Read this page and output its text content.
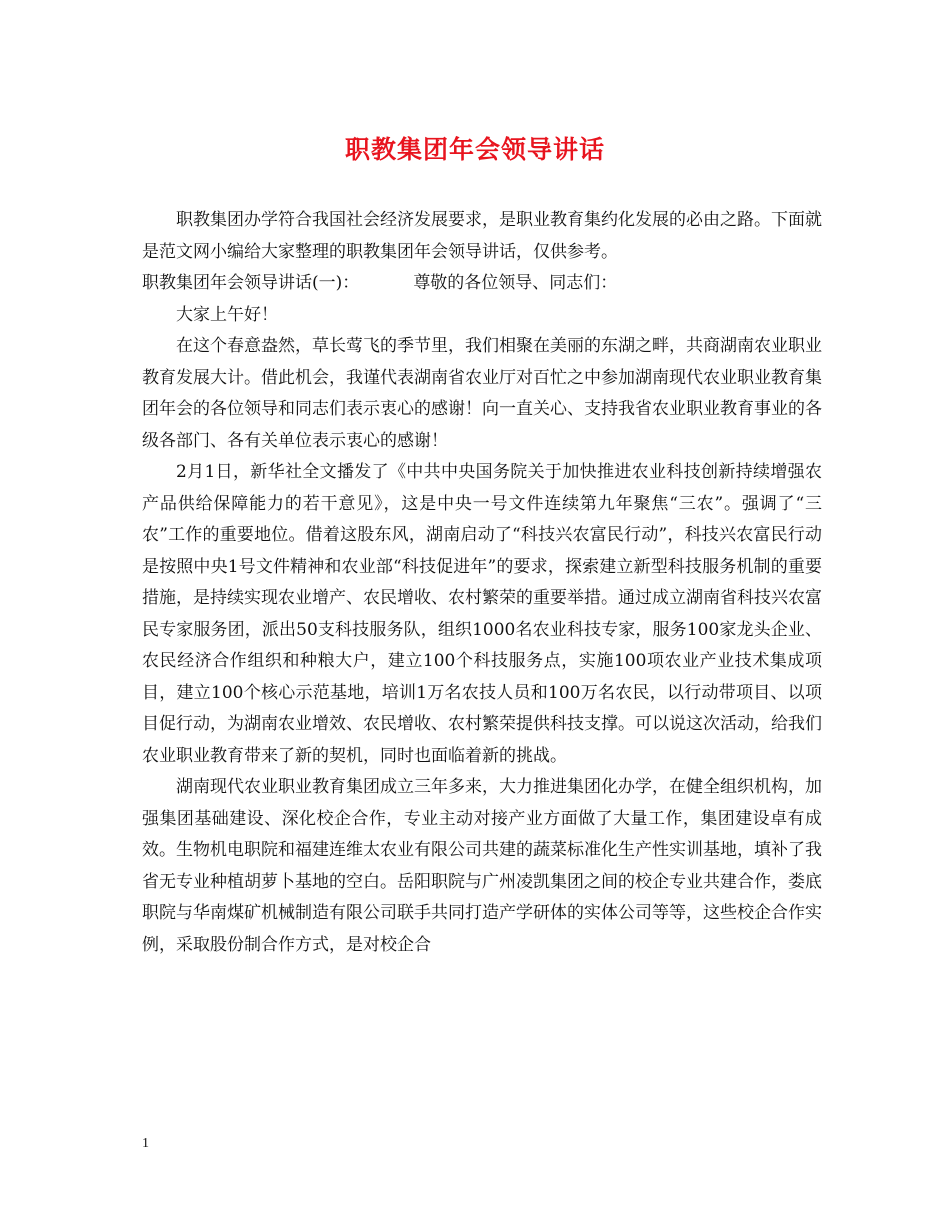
职教集团年会领导讲话

职教集团办学符合我国社会经济发展要求，是职业教育集约化发展的必由之路。下面就是范文网小编给大家整理的职教集团年会领导讲话，仅供参考。

职教集团年会领导讲话(一)：	尊敬的各位领导、同志们：

大家上午好！

在这个春意盎然，草长莺飞的季节里，我们相聚在美丽的东湖之畔，共商湖南农业职业教育发展大计。借此机会，我谨代表湖南省农业厅对百忙之中参加湖南现代农业职业教育集团年会的各位领导和同志们表示衷心的感谢！向一直关心、支持我省农业职业教育事业的各级各部门、各有关单位表示衷心的感谢！

2月1日，新华社全文播发了《中共中央国务院关于加快推进农业科技创新持续增强农产品供给保障能力的若干意见》，这是中央一号文件连续第九年聚焦“三农”。强调了“三农”工作的重要地位。借着这股东风，湖南启动了“科技兴农富民行动”，科技兴农富民行动是按照中央1号文件精神和农业部“科技促进年”的要求，探索建立新型科技服务机制的重要措施，是持续实现农业增产、农民增收、农村繁荣的重要举措。通过成立湖南省科技兴农富民专家服务团，派出50支科技服务队，组织1000名农业科技专家，服务100家龙头企业、农民经济合作组织和种粮大户，建立100个科技服务点，实施100项农业产业技术集成项目，建立100个核心示范基地，培训1万名农技人员和100万名农民，以行动带项目、以项目促行动，为湖南农业增效、农民增收、农村繁荣提供科技支撑。可以说这次活动，给我们农业职业教育带来了新的契机，同时也面临着新的挑战。

湖南现代农业职业教育集团成立三年多来，大力推进集团化办学，在健全组织机构，加强集团基础建设、深化校企合作，专业主动对接产业方面做了大量工作，集团建设卓有成效。生物机电职院和福建连维太农业有限公司共建的蔬菜标准化生产性实训基地，填补了我省无专业种植胡萝卜基地的空白。岳阳职院与广州凌凯集团之间的校企专业共建合作，娄底职院与华南煤矿机械制造有限公司联手共同打造产学研体的实体公司等等，这些校企合作实例，采取股份制合作方式，是对校企合

1
